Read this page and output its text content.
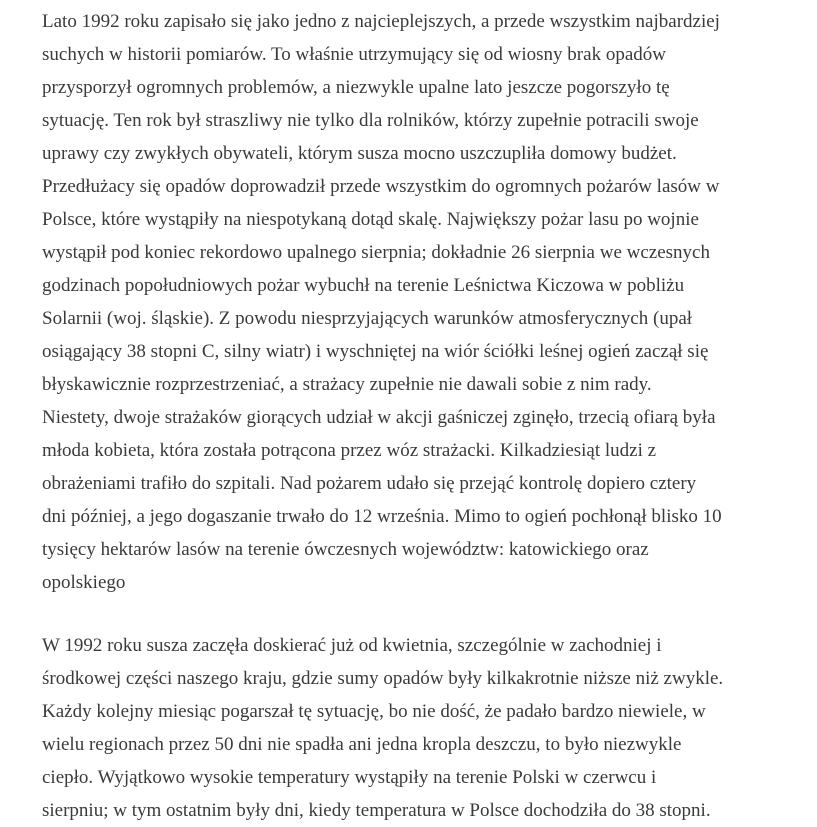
Lato 1992 roku zapisało się jako jedno z najcieplejszych, a przede wszystkim najbardziej
suchych w historii pomiarów. To właśnie utrzymujący się od wiosny brak opadów
przysporzył ogromnych problemów, a niezwykle upalne lato jeszcze pogorszyło tę
sytuację. Ten rok był straszliwy nie tylko dla rolników, którzy zupełnie potracili swoje
uprawy czy zwykłych obywateli, którym susza mocno uszczupliła domowy budżet.
Przedłużacy się opadów doprowadził przede wszystkim do ogromnych pożarów lasów w
Polsce, które wystąpiły na niespotykaną dotąd skalę. Największy pożar lasu po wojnie
wystąpił pod koniec rekordowo upalnego sierpnia; dokładnie 26 sierpnia we wczesnych
godzinach popołudniowych pożar wybuchł na terenie Leśnictwa Kiczowa w pobliżu
Solarnii (woj. śląskie). Z powodu niesprzyjających warunków atmosferycznych (upał
osiągający 38 stopni C, silny wiatr) i wyschniętej na wiór ściółki leśnej ogień zaczął się
błyskawicznie rozprzestrzeniać, a strażacy zupełnie nie dawali sobie z nim rady.
Niestety, dwoje strażaków giorących udział w akcji gaśniczej zginęło, trzecią ofiarą była
młoda kobieta, która została potrącona przez wóz strażacki. Kilkadziesiąt ludzi z
obrażeniami trafiło do szpitali. Nad pożarem udało się przejąć kontrolę dopiero cztery
dni później, a jego dogaszanie trwało do 12 września. Mimo to ogień pochłonął blisko 10
tysięcy hektarów lasów na terenie ówczesnych województw: katowickiego oraz
opolskiego

W 1992 roku susza zaczęła doskierać już od kwietnia, szczególnie w zachodniej i
środkowej części naszego kraju, gdzie sumy opadów były kilkakrotnie niższe niż zwykle.
Każdy kolejny miesiąc pogarszał tę sytuację, bo nie dość, że padało bardzo niewiele, w
wielu regionach przez 50 dni nie spadła ani jedna kropla deszczu, to było niezwykle
ciepło. Wyjątkowo wysokie temperatury wystąpiły na terenie Polski w czerwcu i
sierpniu; w tym ostatnim były dni, kiedy temperatura w Polsce dochodziła do 38 stopni.
